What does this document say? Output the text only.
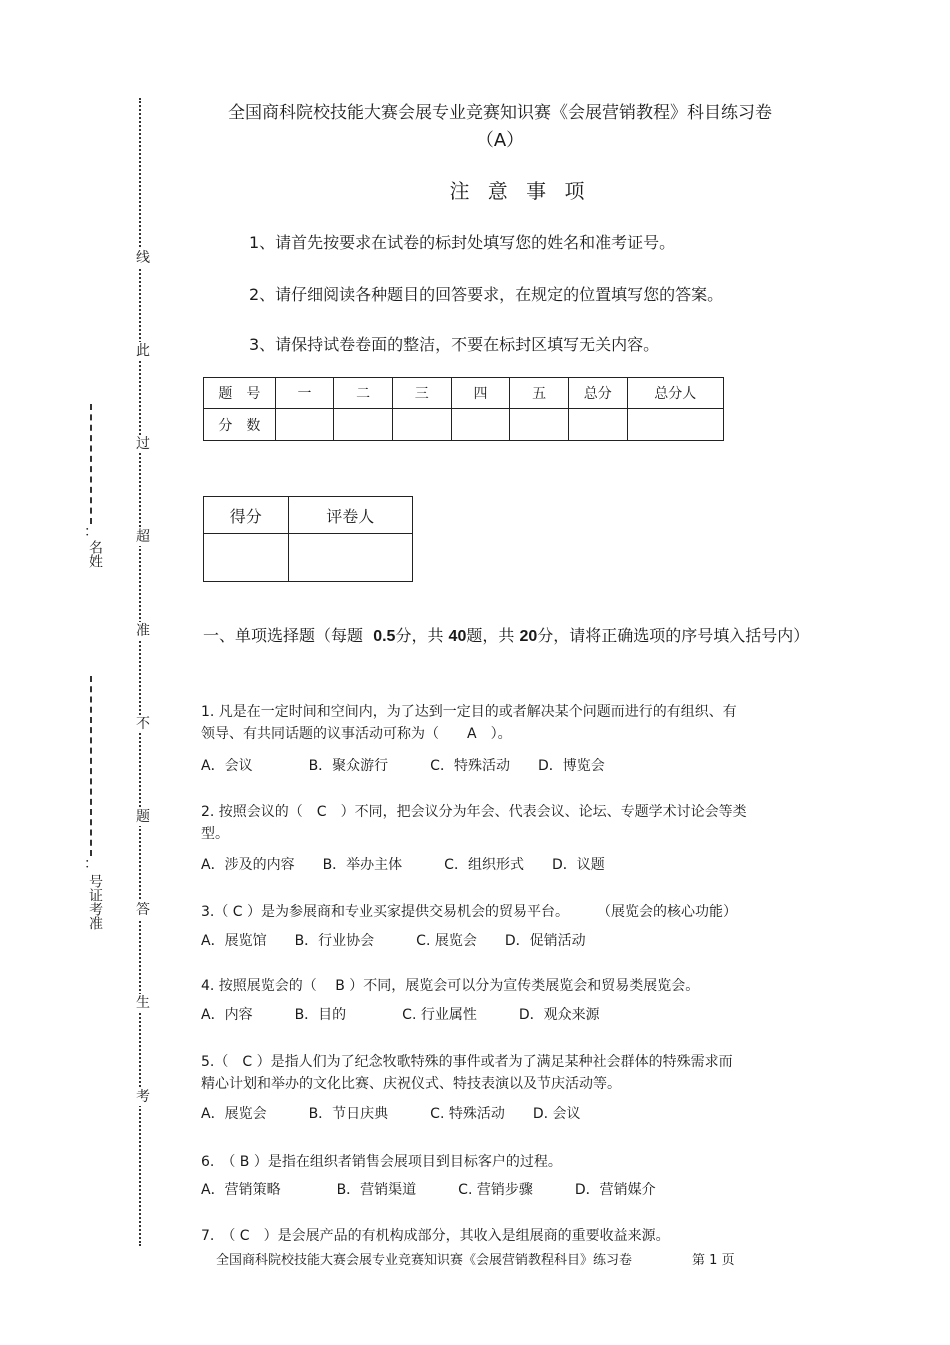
线
此
过
超
准
不
题
答
生
考
：
名姓
：
号证考准
全国商科院校技能大赛会展专业竞赛知识赛《会展营销教程》科目练习卷
（A）
注 意 事 项
1、请首先按要求在试卷的标封处填写您的姓名和准考证号。
2、请仔细阅读各种题目的回答要求，在规定的位置填写您的答案。
3、请保持试卷卷面的整洁，不要在标封区填写无关内容。
题　号	一	二	三	四	五	总分	总分人
分　数							
得分	评卷人

一、单项选择题（每题 0.5分，共 40题，共 20分，请将正确选项的序号填入括号内）
1. 凡是在一定时间和空间内，为了达到一定目的或者解决某个问题而进行的有组织、有
领导、有共同话题的议事活动可称为（　　A　）。
A．会议　　　　B．聚众游行　　　C．特殊活动　　D．博览会
2. 按照会议的（　C　）不同，把会议分为年会、代表会议、论坛、专题学术讨论会等类
型。
A．涉及的内容　　B．举办主体　　　C．组织形式　　D．议题
3.（ C ）是为参展商和专业买家提供交易机会的贸易平台。　　　（展览会的核心功能）
A．展览馆　　B．行业协会　　　C. 展览会　　D．促销活动
4. 按照展览会的（　 B ）不同，展览会可以分为宣传类展览会和贸易类展览会。
A．内容　　　B．目的　　　　C. 行业属性　　　D．观众来源
5.（　C ）是指人们为了纪念牧歌特殊的事件或者为了满足某种社会群体的特殊需求而
精心计划和举办的文化比赛、庆祝仪式、特技表演以及节庆活动等。
A．展览会　　　B．节日庆典　　　C. 特殊活动　　D. 会议
6.　（ B ）是指在组织者销售会展项目到目标客户的过程。
A．营销策略　　　　B．营销渠道　　　C. 营销步骤　　　D．营销媒介
7.　（ C　）是会展产品的有机构成部分，其收入是组展商的重要收益来源。
全国商科院校技能大赛会展专业竞赛知识赛《会展营销教程科目》练习卷	第 1 页
